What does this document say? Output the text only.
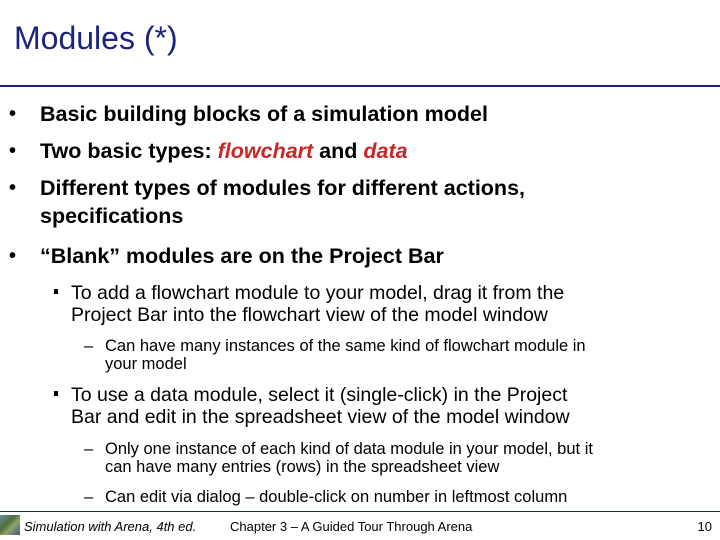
Modules (*)
• Basic building blocks of a simulation model
• Two basic types: flowchart and data
• Different types of modules for different actions,
specifications
• “Blank” modules are on the Project Bar
To add a flowchart module to your model, drag it from the
Project Bar into the flowchart view of the model window
– Can have many instances of the same kind of flowchart module in
your model
To use a data module, select it (single-click) in the Project
Bar and edit in the spreadsheet view of the model window
– Only one instance of each kind of data module in your model, but it
can have many entries (rows) in the spreadsheet view
– Can edit via dialog – double-click on number in leftmost column
Simulation with Arena, 4th ed.	Chapter 3 – A Guided Tour Through Arena	10
